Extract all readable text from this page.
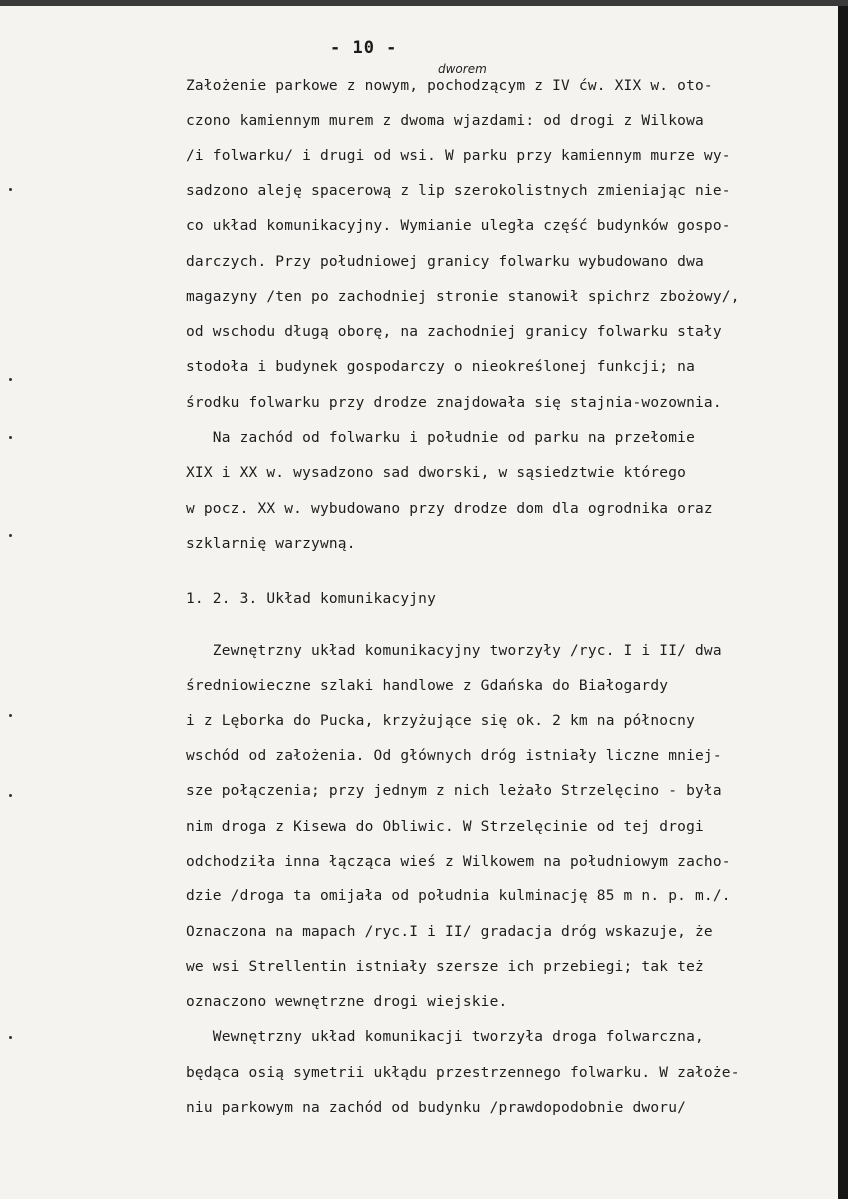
- 10 -
dworem
Założenie parkowe z nowym, pochodzącym z IV ćw. XIX w. oto-
czono kamiennym murem z dwoma wjazdami: od drogi z Wilkowa
/i folwarku/ i drugi od wsi. W parku przy kamiennym murze wy-
sadzono aleję spacerową z lip szerokolistnych zmieniając nie-
co układ komunikacyjny. Wymianie uległa część budynków gospo-
darczych. Przy południowej granicy folwarku wybudowano dwa
magazyny /ten po zachodniej stronie stanowił spichrz zbożowy/,
od wschodu długą oborę, na zachodniej granicy folwarku stały
stodoła i budynek gospodarczy o nieokreślonej funkcji; na
środku folwarku przy drodze znajdowała się stajnia-wozownia.
Na zachód od folwarku i południe od parku na przełomie
XIX i XX w. wysadzono sad dworski, w sąsiedztwie którego
w pocz. XX w. wybudowano przy drodze dom dla ogrodnika oraz
szklarnię warzywną.
1. 2. 3. Układ komunikacyjny
Zewnętrzny układ komunikacyjny tworzyły /ryc. I i II/ dwa
średniowieczne szlaki handlowe z Gdańska do Białogardy
i z Lęborka do Pucka, krzyżujące się ok. 2 km na północny
wschód od założenia. Od głównych dróg istniały liczne mniej-
sze połączenia; przy jednym z nich leżało Strzelęcino - była
nim droga z Kisewa do Obliwic. W Strzelęcinie od tej drogi
odchodziła inna łącząca wieś z Wilkowem na południowym zacho-
dzie /droga ta omijała od południa kulminację 85 m n. p. m./.
Oznaczona na mapach /ryc.I i II/ gradacja dróg wskazuje, że
we wsi Strellentin istniały szersze ich przebiegi; tak też
oznaczono wewnętrzne drogi wiejskie.
Wewnętrzny układ komunikacji tworzyła droga folwarczna,
będąca osią symetrii ukłądu przestrzennego folwarku. W założe-
niu parkowym na zachód od budynku /prawdopodobnie dworu/
